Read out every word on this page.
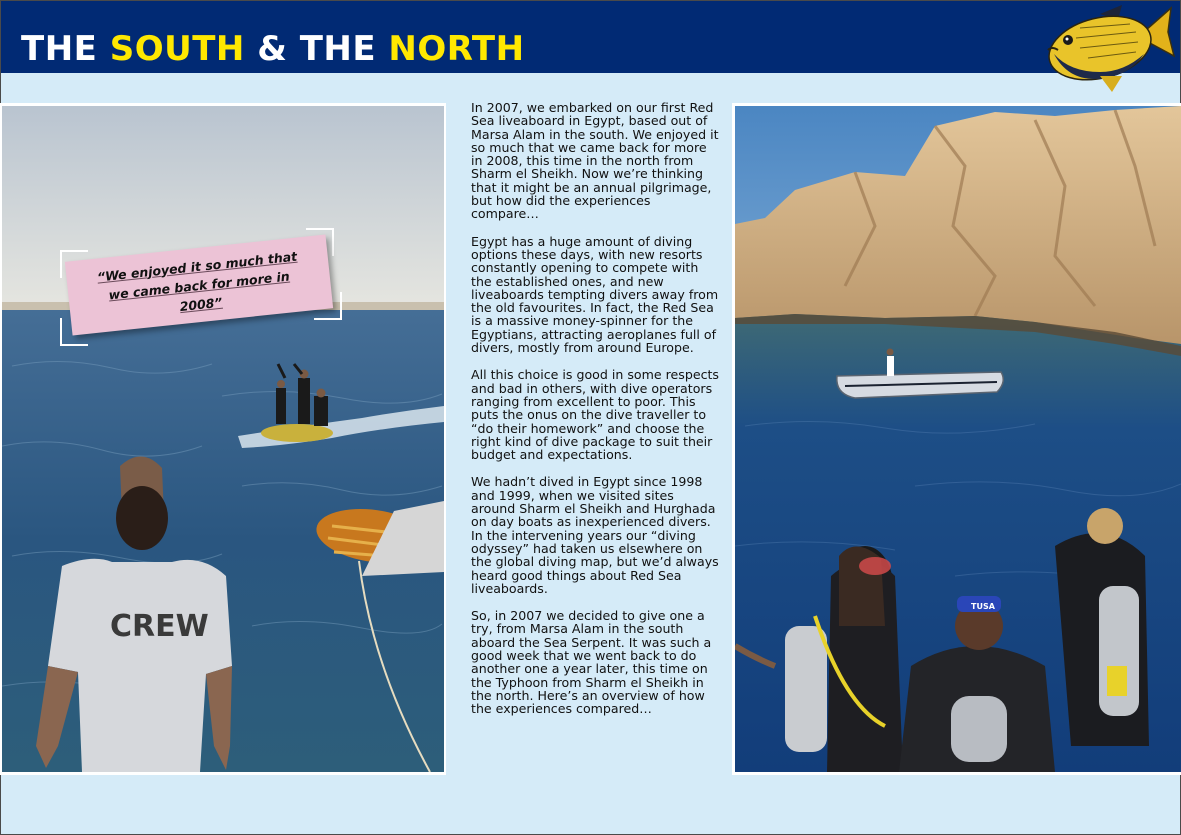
THE SOUTH & THE NORTH
CREW
“We enjoyed it so much that we came back for more in 2008”

In 2007, we embarked on our first Red Sea liveaboard in Egypt, based out of Marsa Alam in the south. We enjoyed it so much that we came back for more in 2008, this time in the north from Sharm el Sheikh. Now we’re thinking that it might be an annual pilgrimage, but how did the experiences compare…

Egypt has a huge amount of diving options these days, with new resorts constantly opening to compete with the established ones, and new liveaboards tempting divers away from the old favourites. In fact, the Red Sea is a massive money-spinner for the Egyptians, attracting aeroplanes full of divers, mostly from around Europe.

All this choice is good in some respects and bad in others, with dive operators ranging from excellent to poor. This puts the onus on the dive traveller to “do their homework” and choose the right kind of dive package to suit their budget and expectations.

We hadn’t dived in Egypt since 1998 and 1999, when we visited sites around Sharm el Sheikh and Hurghada on day boats as inexperienced divers. In the intervening years our “diving odyssey” had taken us elsewhere on the global diving map, but we’d always heard good things about Red Sea liveaboards.

So, in 2007 we decided to give one a try, from Marsa Alam in the south aboard the Sea Serpent. It was such a good week that we went back to do another one a year later, this time on the Typhoon from Sharm el Sheikh in the north. Here’s an overview of how the experiences compared…

TUSA
